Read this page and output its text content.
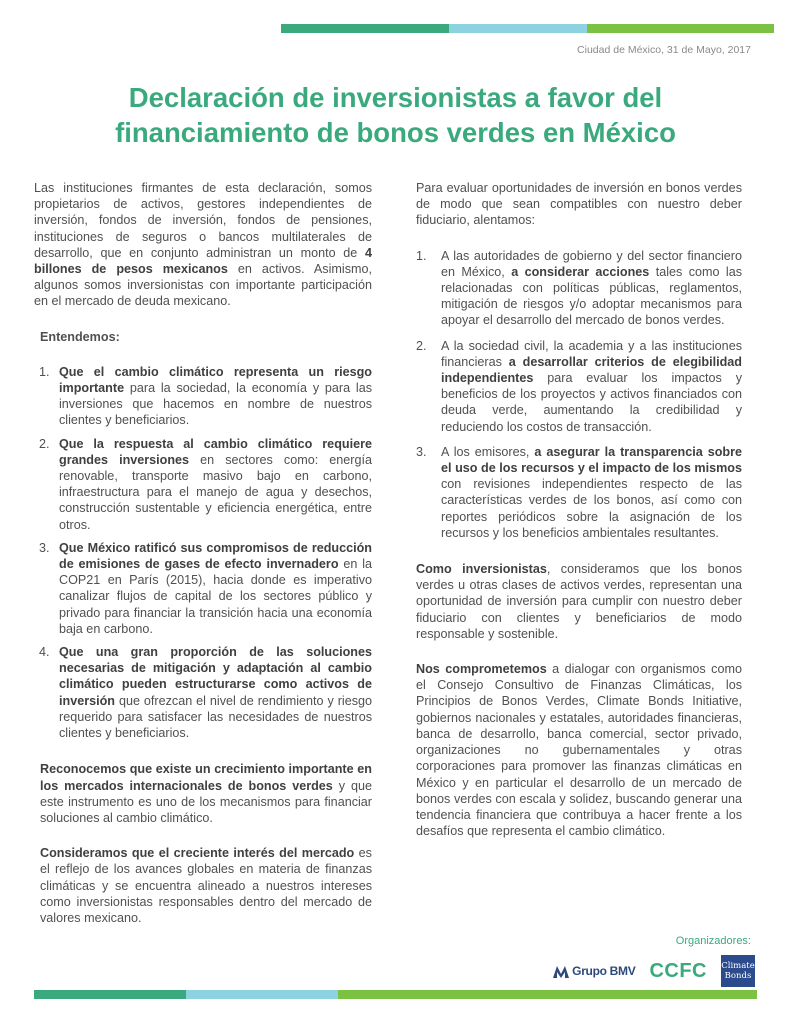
Ciudad de México, 31 de Mayo, 2017
Declaración de inversionistas a favor del
financiamiento de bonos verdes en México

Las instituciones firmantes de esta declaración, somos propietarios de activos, gestores independientes de inversión, fondos de inversión, fondos de pensiones, instituciones de seguros o bancos multilaterales de desarrollo, que en conjunto administran un monto de 4 billones de pesos mexicanos en activos. Asimismo, algunos somos inversionistas con importante participación en el mercado de deuda mexicano.

Entendemos:

1. Que el cambio climático representa un riesgo importante para la sociedad, la economía y para las inversiones que hacemos en nombre de nuestros clientes y beneficiarios.
2. Que la respuesta al cambio climático requiere grandes inversiones en sectores como: energía renovable, transporte masivo bajo en carbono, infraestructura para el manejo de agua y desechos, construcción sustentable y eficiencia energética, entre otros.
3. Que México ratificó sus compromisos de reducción de emisiones de gases de efecto invernadero en la COP21 en París (2015), hacia donde es imperativo canalizar flujos de capital de los sectores público y privado para financiar la transición hacia una economía baja en carbono.
4. Que una gran proporción de las soluciones necesarias de mitigación y adaptación al cambio climático pueden estructurarse como activos de inversión que ofrezcan el nivel de rendimiento y riesgo requerido para satisfacer las necesidades de nuestros clientes y beneficiarios.

Reconocemos que existe un crecimiento importante en los mercados internacionales de bonos verdes y que este instrumento es uno de los mecanismos para financiar soluciones al cambio climático.

Consideramos que el creciente interés del mercado es el reflejo de los avances globales en materia de finanzas climáticas y se encuentra alineado a nuestros intereses como inversionistas responsables dentro del mercado de valores mexicano.

Para evaluar oportunidades de inversión en bonos verdes de modo que sean compatibles con nuestro deber fiduciario, alentamos:

1. A las autoridades de gobierno y del sector financiero en México, a considerar acciones tales como las relacionadas con políticas públicas, reglamentos, mitigación de riesgos y/o adoptar mecanismos para apoyar el desarrollo del mercado de bonos verdes.
2. A la sociedad civil, la academia y a las instituciones financieras a desarrollar criterios de elegibilidad independientes para evaluar los impactos y beneficios de los proyectos y activos financiados con deuda verde, aumentando la credibilidad y reduciendo los costos de transacción.
3. A los emisores, a asegurar la transparencia sobre el uso de los recursos y el impacto de los mismos con revisiones independientes respecto de las características verdes de los bonos, así como con reportes periódicos sobre la asignación de los recursos y los beneficios ambientales resultantes.

Como inversionistas, consideramos que los bonos verdes u otras clases de activos verdes, representan una oportunidad de inversión para cumplir con nuestro deber fiduciario con clientes y beneficiarios de modo responsable y sostenible.

Nos comprometemos a dialogar con organismos como el Consejo Consultivo de Finanzas Climáticas, los Principios de Bonos Verdes, Climate Bonds Initiative, gobiernos nacionales y estatales, autoridades financieras, banca de desarrollo, banca comercial, sector privado, organizaciones no gubernamentales y otras corporaciones para promover las finanzas climáticas en México y en particular el desarrollo de un mercado de bonos verdes con escala y solidez, buscando generar una tendencia financiera que contribuya a hacer frente a los desafíos que representa el cambio climático.

Organizadores:
Grupo BMV CCFC Climate
Bonds
